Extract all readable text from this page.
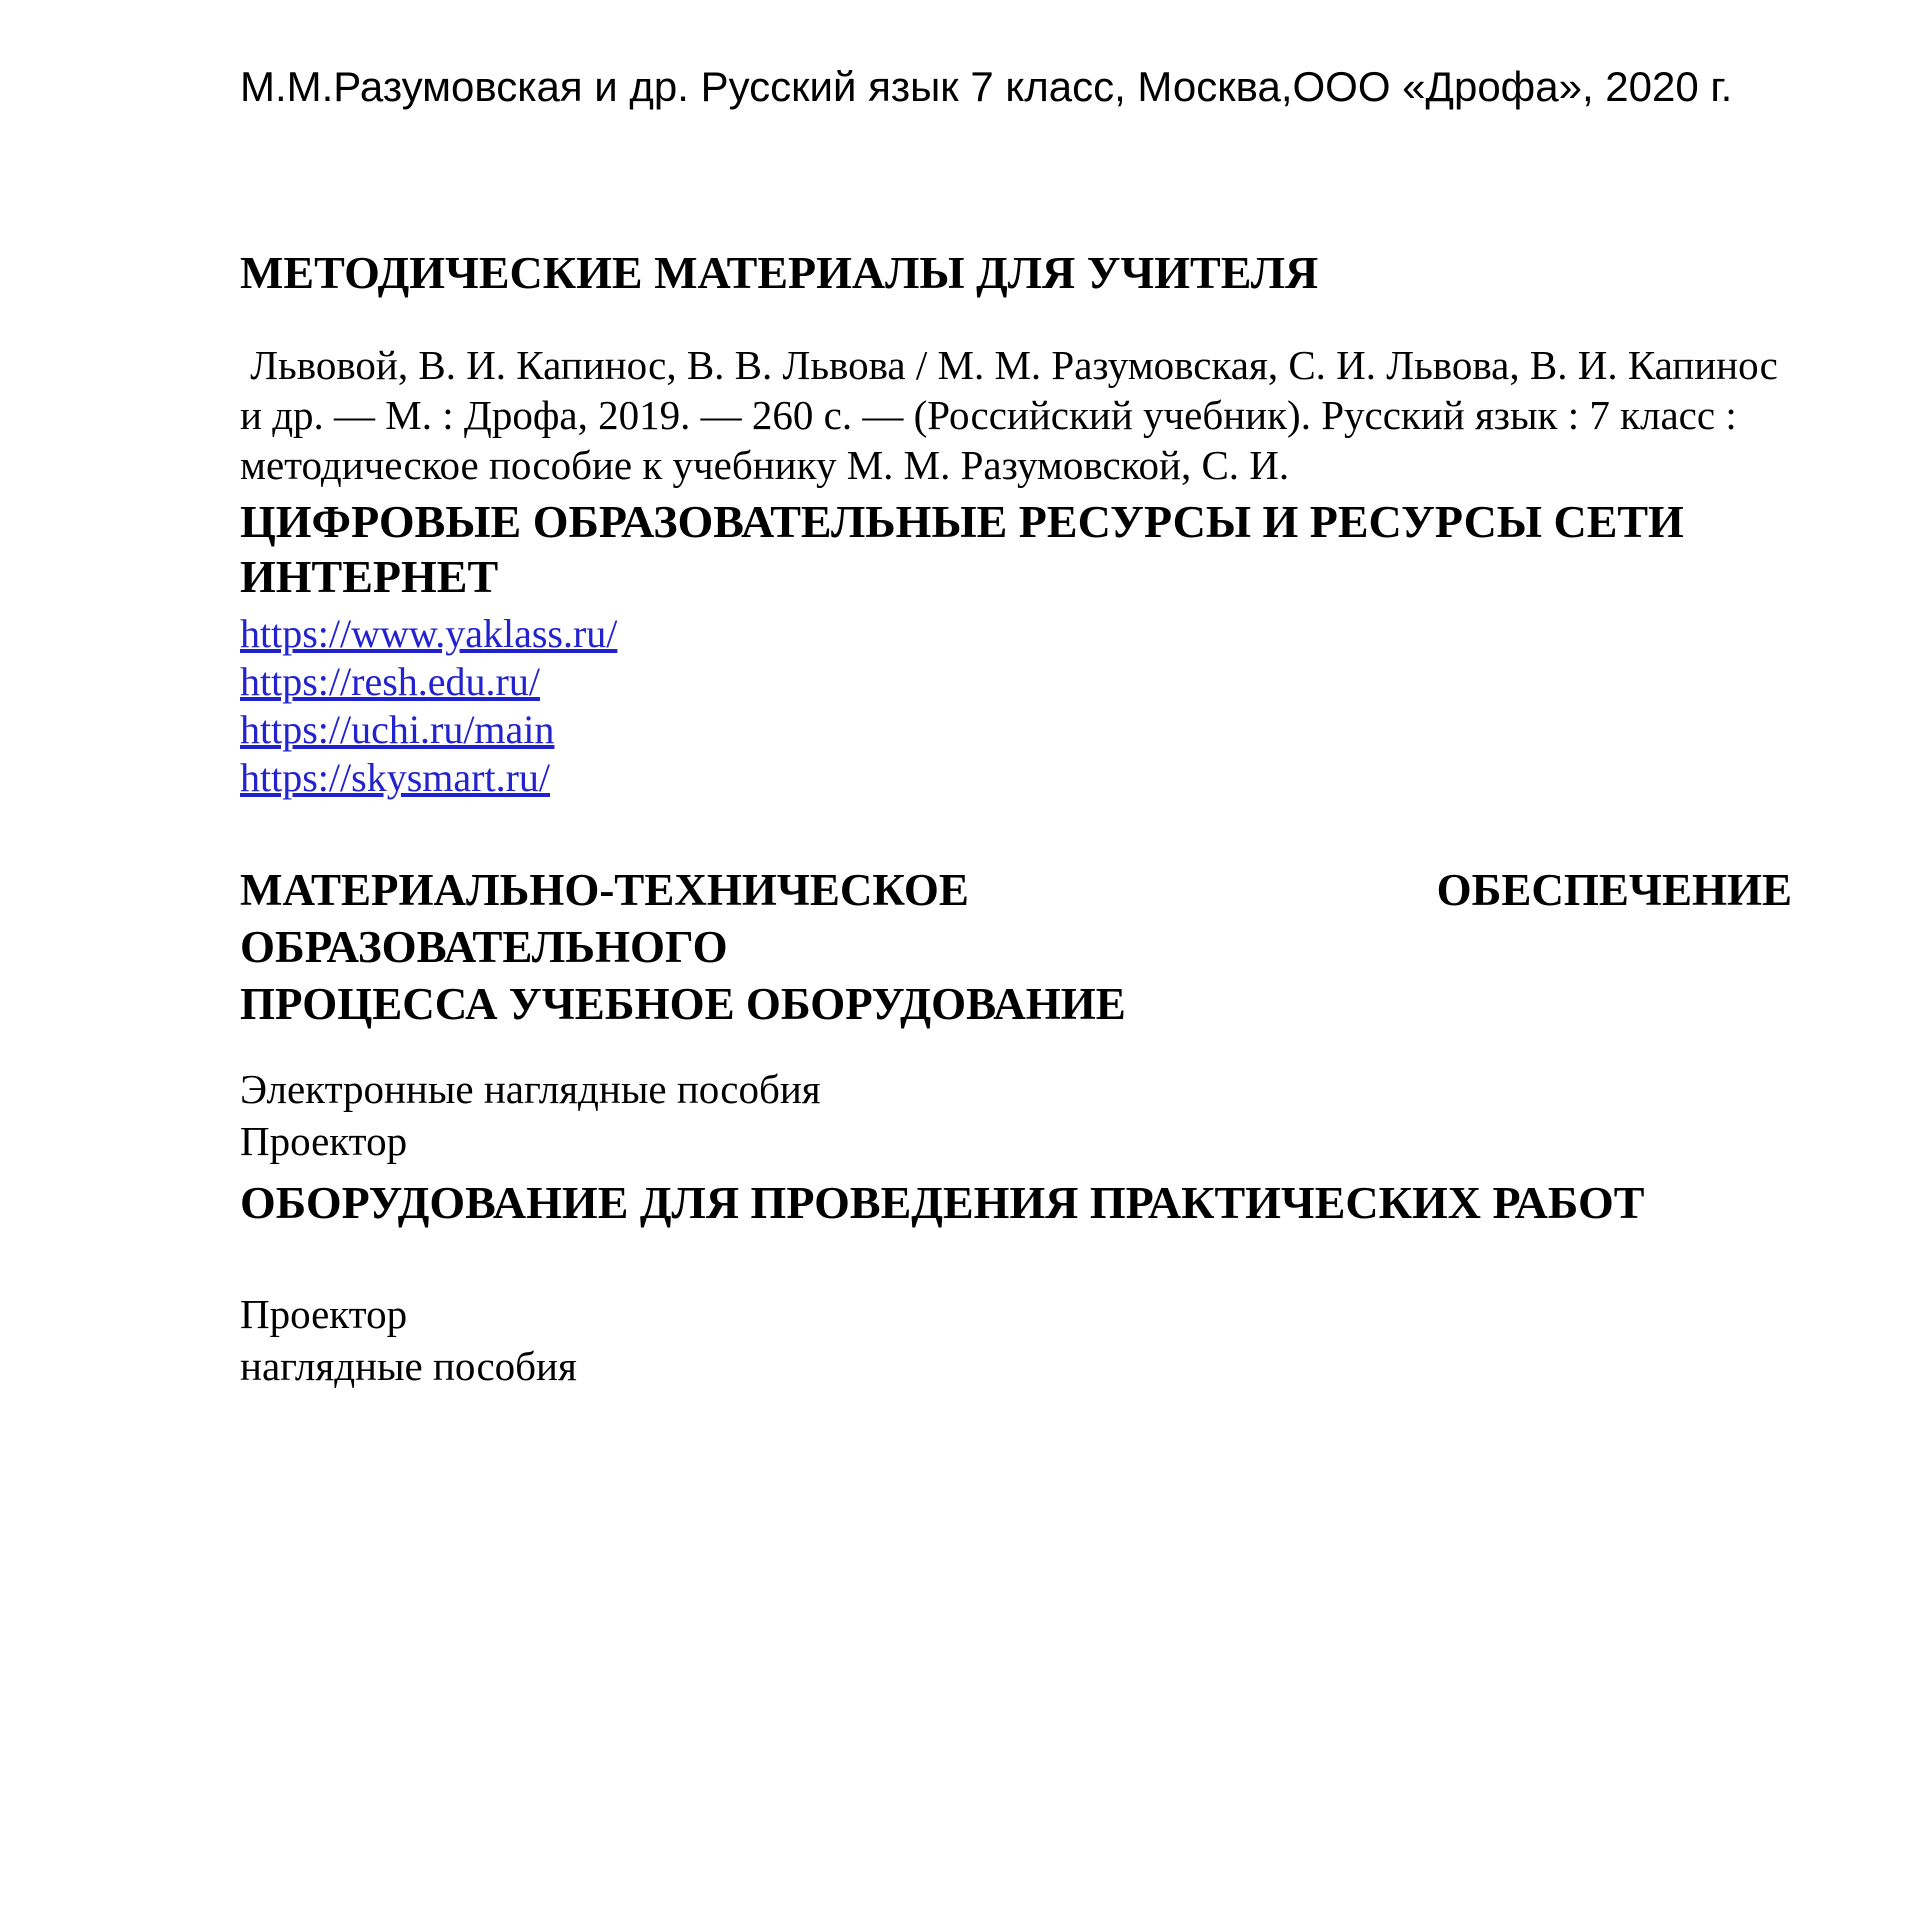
М.М.Разумовская и др. Русский язык 7 класс, Москва,ООО «Дрофа», 2020 г.
МЕТОДИЧЕСКИЕ МАТЕРИАЛЫ ДЛЯ УЧИТЕЛЯ
Львовой, В. И. Капинос, В. В. Львова / М. М. Разумовская, С. И. Львова, В. И. Капинос
и др. — М. : Дрофа, 2019. — 260 с. — (Российский учебник). Русский язык : 7 класс :
методическое пособие к учебнику М. М. Разумовской, С. И.
ЦИФРОВЫЕ ОБРАЗОВАТЕЛЬНЫЕ РЕСУРСЫ И РЕСУРСЫ СЕТИ ИНТЕРНЕТ
https://www.yaklass.ru/
https://resh.edu.ru/
https://uchi.ru/main
https://skysmart.ru/
МАТЕРИАЛЬНО-ТЕХНИЧЕСКОЕ ОБЕСПЕЧЕНИЕ ОБРАЗОВАТЕЛЬНОГО
ПРОЦЕССА УЧЕБНОЕ ОБОРУДОВАНИЕ
Электронные наглядные пособия
Проектор
ОБОРУДОВАНИЕ ДЛЯ ПРОВЕДЕНИЯ ПРАКТИЧЕСКИХ РАБОТ
Проектор
наглядные пособия
